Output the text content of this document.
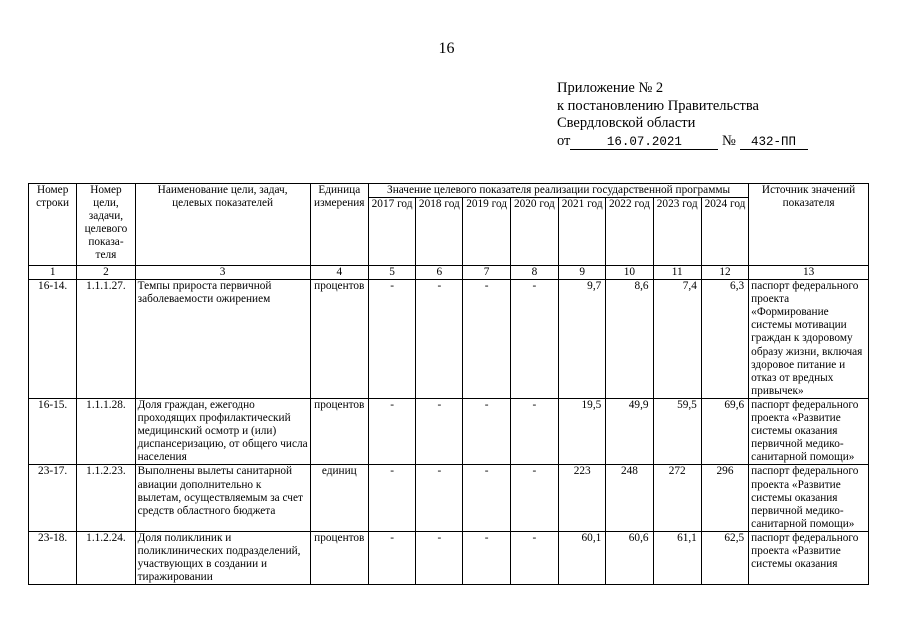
16
Приложение № 2
к постановлению Правительства
Свердловской области
от	16.07.2021	№ 432-ПП
Номер строки	Номер цели, задачи, целевого показа-теля	Наименование цели, задач, целевых показателей	Единица измерения	Значение целевого показателя реализации государственной программы								Источник значений показателя
				2017 год	2018 год	2019 год	2020 год	2021 год	2022 год	2023 год	2024 год	
1	2	3	4	5	6	7	8	9	10	11	12	13
16-14.	1.1.1.27.	Темпы прироста первичной заболеваемости ожирением	процентов	-	-	-	-	9,7	8,6	7,4	6,3	паспорт федерального проекта «Формирование системы мотивации граждан к здоровому образу жизни, включая здоровое питание и отказ от вредных привычек»
16-15.	1.1.1.28.	Доля граждан, ежегодно проходящих профилактический медицинский осмотр и (или) диспансеризацию, от общего числа населения	процентов	-	-	-	-	19,5	49,9	59,5	69,6	паспорт федерального проекта «Развитие системы оказания первичной медико-санитарной помощи»
23-17.	1.1.2.23.	Выполнены вылеты санитарной авиации дополнительно к вылетам, осуществляемым за счет средств областного бюджета	единиц	-	-	-	-	223	248	272	296	паспорт федерального проекта «Развитие системы оказания первичной медико-санитарной помощи»
23-18.	1.1.2.24.	Доля поликлиник и поликлинических подразделений, участвующих в создании и тиражировании	процентов	-	-	-	-	60,1	60,6	61,1	62,5	паспорт федерального проекта «Развитие системы оказания
